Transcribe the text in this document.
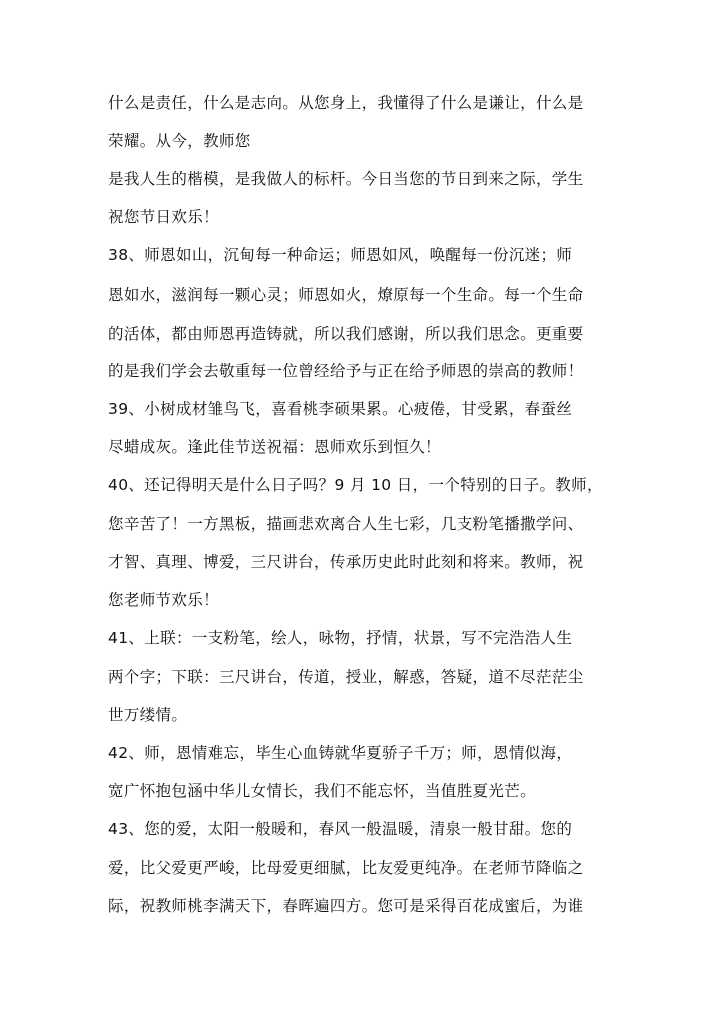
什么是责任，什么是志向。从您身上，我懂得了什么是谦让，什么是
荣耀。从今，教师您
是我人生的楷模，是我做人的标杆。今日当您的节日到来之际，学生
祝您节日欢乐！
38、师恩如山，沉甸每一种命运；师恩如风，唤醒每一份沉迷；师
恩如水，滋润每一颗心灵；师恩如火，燎原每一个生命。每一个生命
的活体，都由师恩再造铸就，所以我们感谢，所以我们思念。更重要
的是我们学会去敬重每一位曾经给予与正在给予师恩的崇高的教师！
39、小树成材雏鸟飞，喜看桃李硕果累。心疲倦，甘受累，春蚕丝
尽蜡成灰。逢此佳节送祝福：恩师欢乐到恒久！
40、还记得明天是什么日子吗？9 月 10 日，一个特别的日子。教师，
您辛苦了！一方黑板，描画悲欢离合人生七彩，几支粉笔播撒学问、
才智、真理、博爱，三尺讲台，传承历史此时此刻和将来。教师，祝
您老师节欢乐！
41、上联：一支粉笔，绘人，咏物，抒情，状景，写不完浩浩人生
两个字；下联：三尺讲台，传道，授业，解惑，答疑，道不尽茫茫尘
世万缕情。
42、师，恩情难忘，毕生心血铸就华夏骄子千万；师，恩情似海，
宽广怀抱包涵中华儿女情长，我们不能忘怀，当值胜夏光芒。
43、您的爱，太阳一般暖和，春风一般温暖，清泉一般甘甜。您的
爱，比父爱更严峻，比母爱更细腻，比友爱更纯净。在老师节降临之
际，祝教师桃李满天下，春晖遍四方。您可是采得百花成蜜后，为谁
